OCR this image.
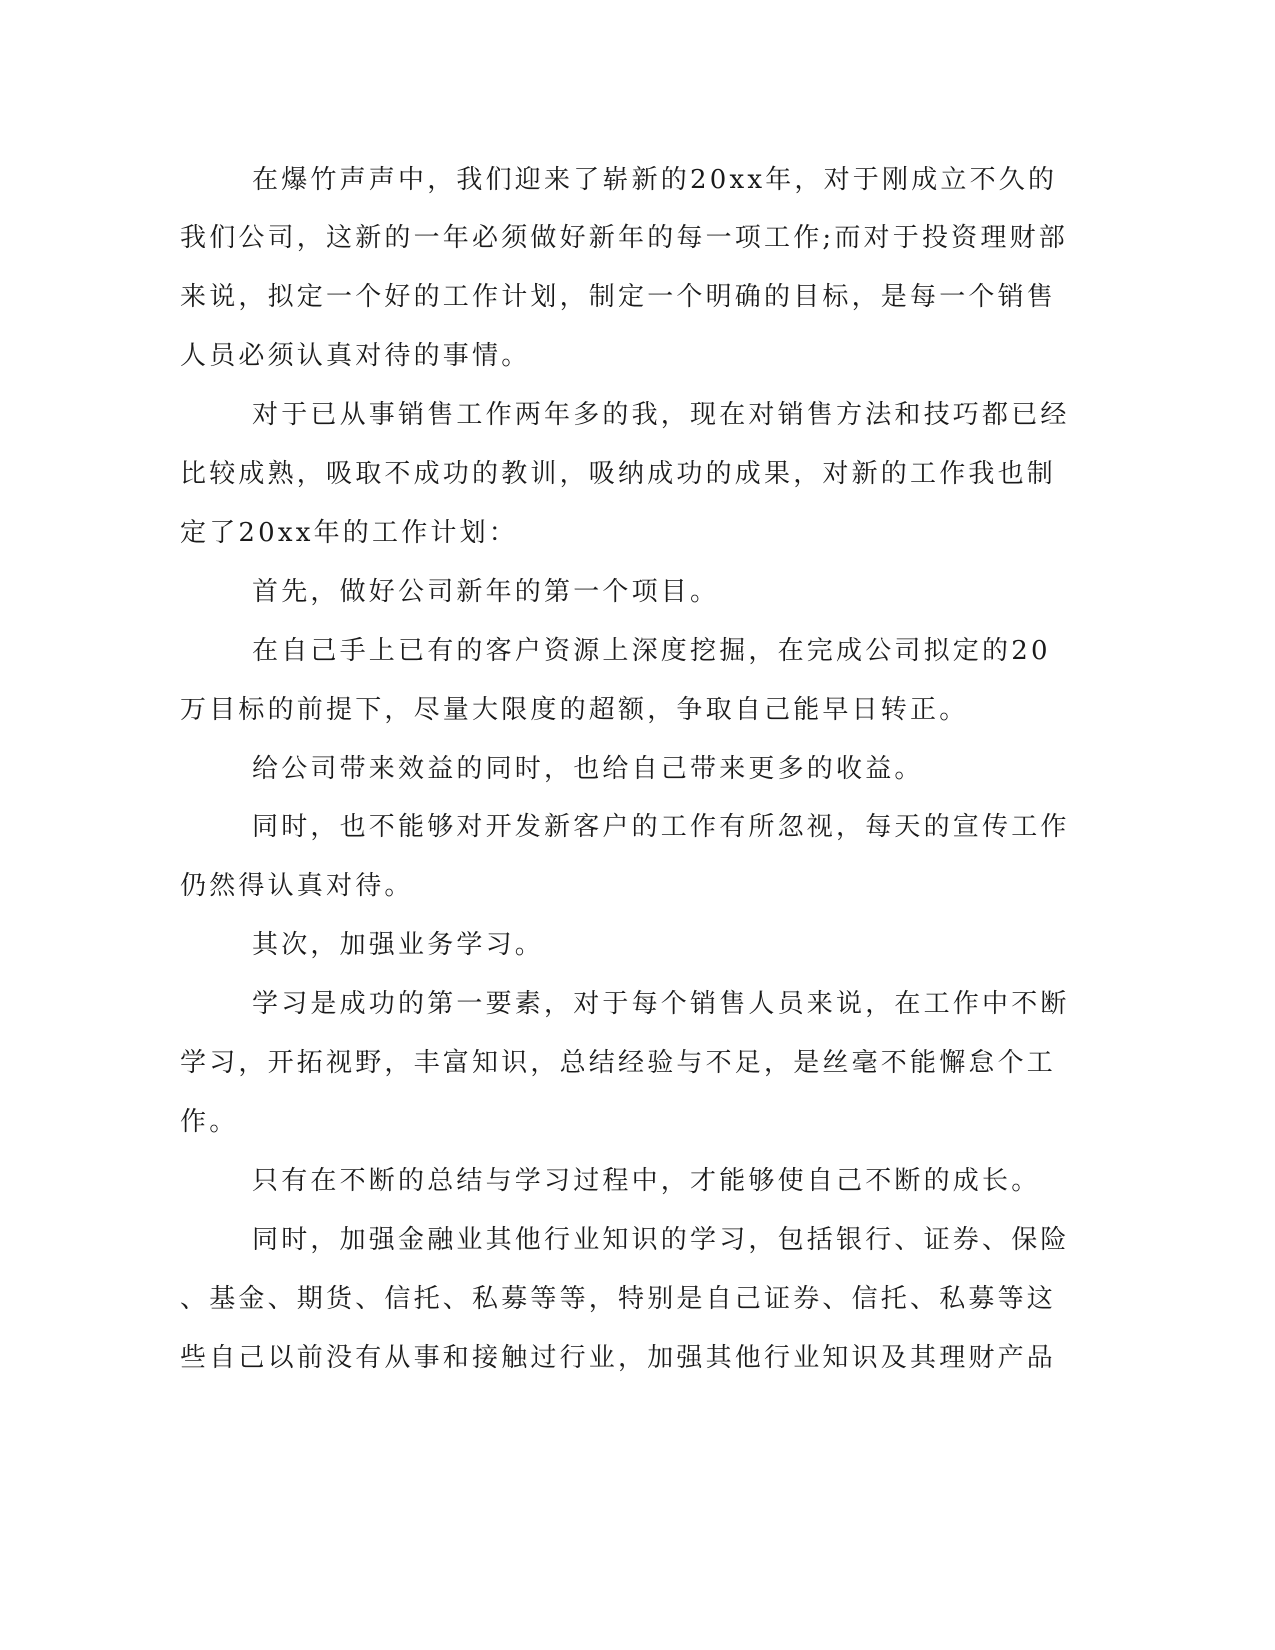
在爆竹声声中，我们迎来了崭新的20xx年，对于刚成立不久的
我们公司，这新的一年必须做好新年的每一项工作;而对于投资理财部
来说，拟定一个好的工作计划，制定一个明确的目标，是每一个销售
人员必须认真对待的事情。
对于已从事销售工作两年多的我，现在对销售方法和技巧都已经
比较成熟，吸取不成功的教训，吸纳成功的成果，对新的工作我也制
定了20xx年的工作计划：
首先，做好公司新年的第一个项目。
在自己手上已有的客户资源上深度挖掘，在完成公司拟定的20
万目标的前提下，尽量大限度的超额，争取自己能早日转正。
给公司带来效益的同时，也给自己带来更多的收益。
同时，也不能够对开发新客户的工作有所忽视，每天的宣传工作
仍然得认真对待。
其次，加强业务学习。
学习是成功的第一要素，对于每个销售人员来说，在工作中不断
学习，开拓视野，丰富知识，总结经验与不足，是丝毫不能懈怠个工
作。
只有在不断的总结与学习过程中，才能够使自己不断的成长。
同时，加强金融业其他行业知识的学习，包括银行、证券、保险
、基金、期货、信托、私募等等，特别是自己证券、信托、私募等这
些自己以前没有从事和接触过行业，加强其他行业知识及其理财产品
